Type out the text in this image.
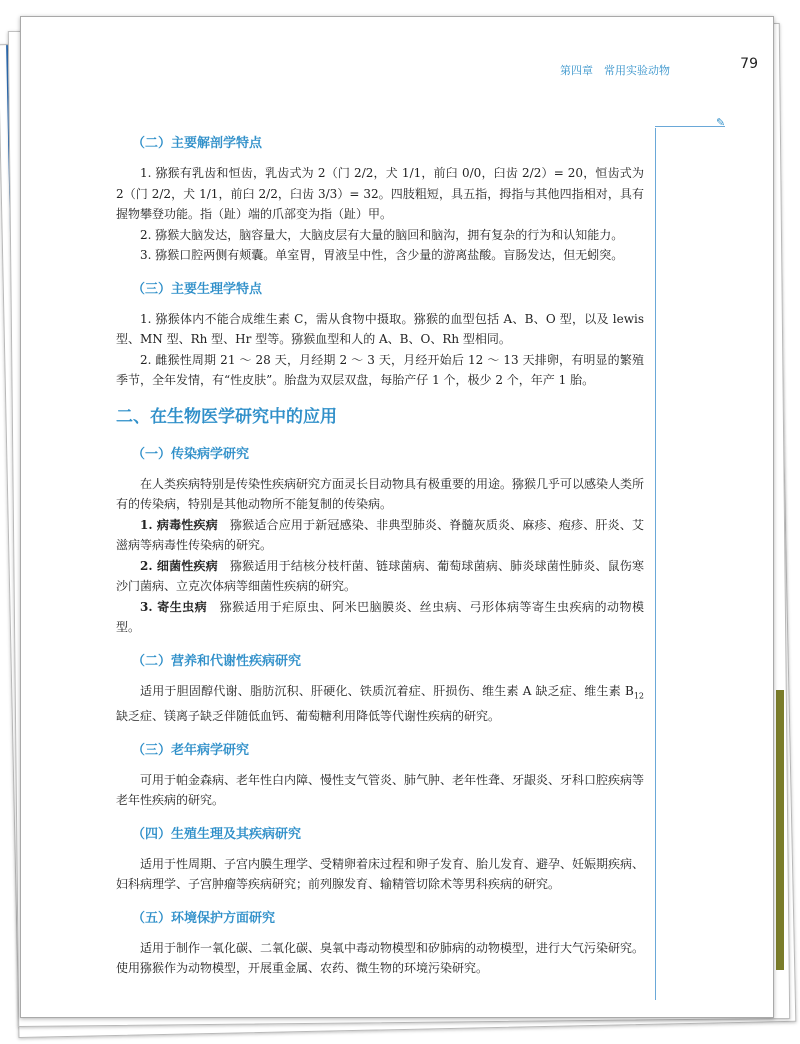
第四章　常用实验动物	79
✎
（二）主要解剖学特点

1. 猕猴有乳齿和恒齿，乳齿式为 2（门 2/2，犬 1/1，前臼 0/0，臼齿 2/2）= 20，恒齿式为 2（门 2/2，犬 1/1，前臼 2/2，臼齿 3/3）= 32。四肢粗短，具五指，拇指与其他四指相对，具有握物攀登功能。指（趾）端的爪部变为指（趾）甲。

2. 猕猴大脑发达，脑容量大，大脑皮层有大量的脑回和脑沟，拥有复杂的行为和认知能力。

3. 猕猴口腔两侧有颊囊。单室胃，胃液呈中性，含少量的游离盐酸。盲肠发达，但无蚓突。

（三）主要生理学特点

1. 猕猴体内不能合成维生素 C，需从食物中摄取。猕猴的血型包括 A、B、O 型，以及 lewis 型、MN 型、Rh 型、Hr 型等。猕猴血型和人的 A、B、O、Rh 型相同。

2. 雌猴性周期 21 ～ 28 天，月经期 2 ～ 3 天，月经开始后 12 ～ 13 天排卵，有明显的繁殖季节，全年发情，有“性皮肤”。胎盘为双层双盘，每胎产仔 1 个，极少 2 个，年产 1 胎。

二、在生物医学研究中的应用
（一）传染病学研究

在人类疾病特别是传染性疾病研究方面灵长目动物具有极重要的用途。猕猴几乎可以感染人类所有的传染病，特别是其他动物所不能复制的传染病。

1. 病毒性疾病　 猕猴适合应用于新冠感染、非典型肺炎、脊髓灰质炎、麻疹、疱疹、肝炎、艾滋病等病毒性传染病的研究。

2. 细菌性疾病　 猕猴适用于结核分枝杆菌、链球菌病、葡萄球菌病、肺炎球菌性肺炎、鼠伤寒沙门菌病、立克次体病等细菌性疾病的研究。

3. 寄生虫病　 猕猴适用于疟原虫、阿米巴脑膜炎、丝虫病、弓形体病等寄生虫疾病的动物模型。

（二）营养和代谢性疾病研究

适用于胆固醇代谢、脂肪沉积、肝硬化、铁质沉着症、肝损伤、维生素 A 缺乏症、维生素 $B_{12}$ 缺乏症、镁离子缺乏伴随低血钙、葡萄糖利用降低等代谢性疾病的研究。

（三）老年病学研究

可用于帕金森病、老年性白内障、慢性支气管炎、肺气肿、老年性聋、牙龈炎、牙科口腔疾病等老年性疾病的研究。

（四）生殖生理及其疾病研究

适用于性周期、子宫内膜生理学、受精卵着床过程和卵子发育、胎儿发育、避孕、妊娠期疾病、妇科病理学、子宫肿瘤等疾病研究；前列腺发育、输精管切除术等男科疾病的研究。

（五）环境保护方面研究

适用于制作一氧化碳、二氧化碳、臭氧中毒动物模型和矽肺病的动物模型，进行大气污染研究。使用猕猴作为动物模型，开展重金属、农药、微生物的环境污染研究。
